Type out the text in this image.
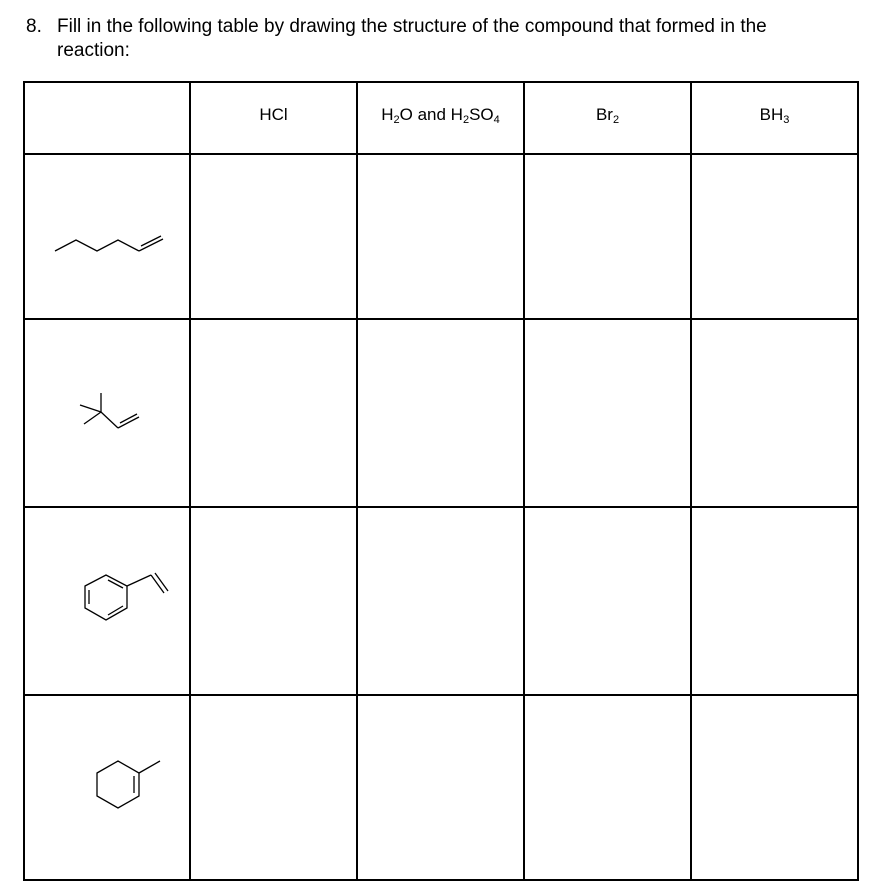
8. Fill in the following table by drawing the structure of the compound that formed in the reaction:
	HCl	$H_2O$ and $H_2SO_4$	$Br_2$	$BH_3$
